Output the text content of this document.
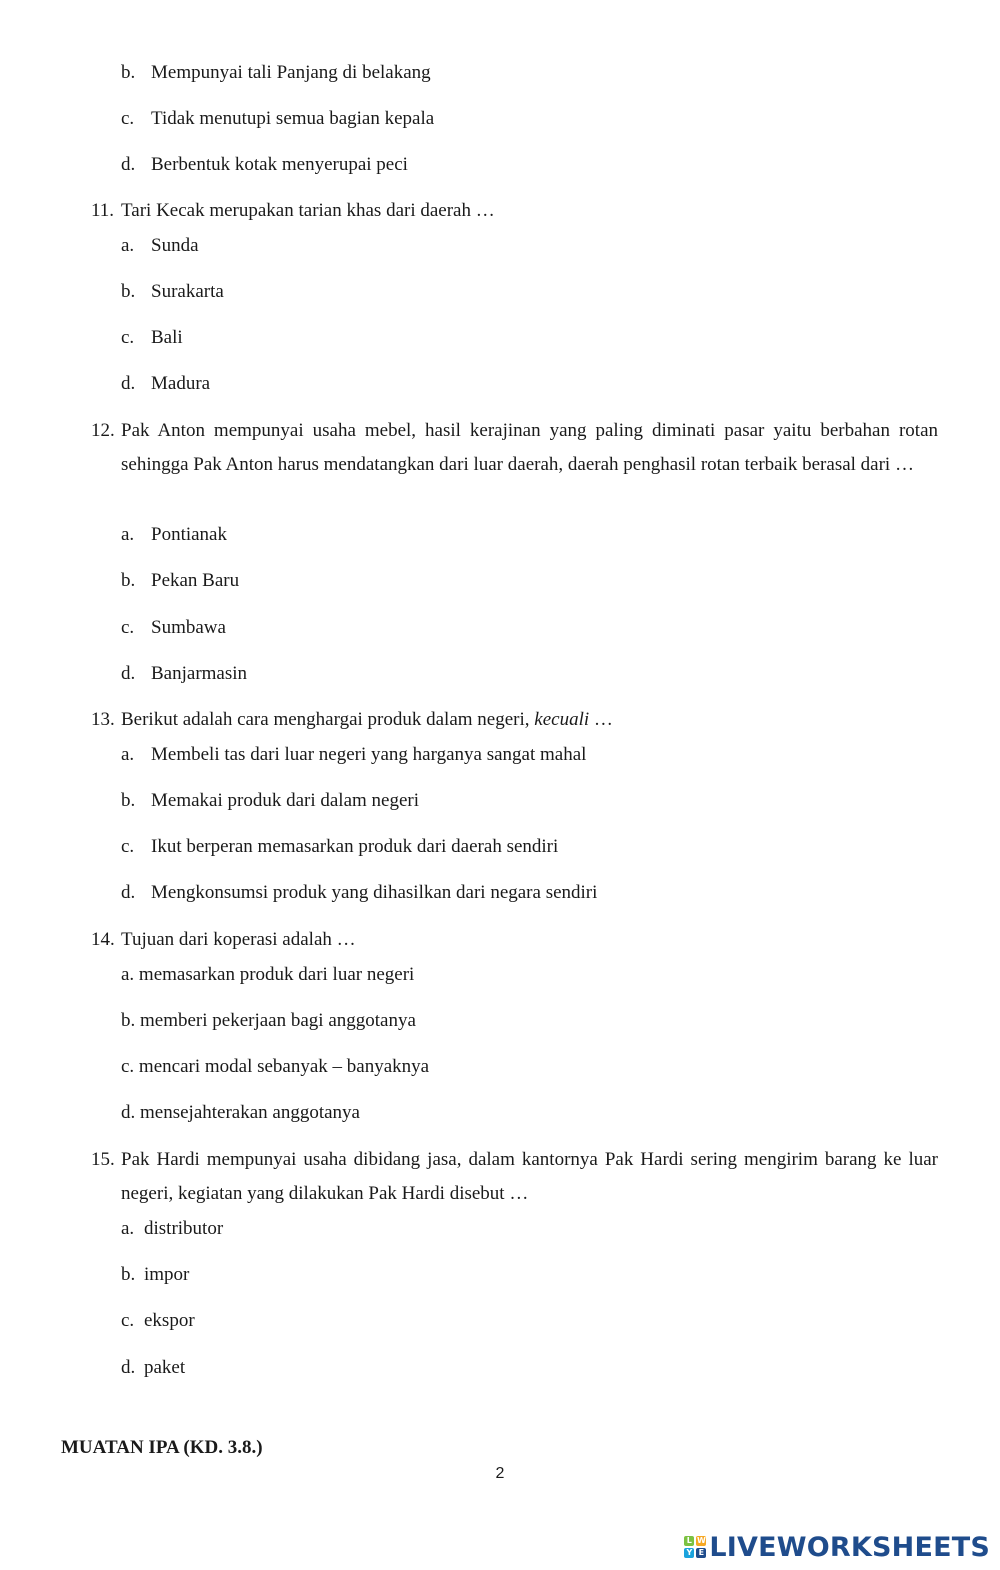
b. Mempunyai tali Panjang di belakang
c. Tidak menutupi semua bagian kepala
d. Berbentuk kotak menyerupai peci
11. Tari Kecak merupakan tarian khas dari daerah …
a. Sunda
b. Surakarta
c. Bali
d. Madura
12. Pak Anton mempunyai usaha mebel, hasil kerajinan yang paling diminati pasar yaitu berbahan rotan sehingga Pak Anton harus mendatangkan dari luar daerah, daerah penghasil rotan terbaik berasal dari …
a. Pontianak
b. Pekan Baru
c. Sumbawa
d. Banjarmasin
13. Berikut adalah cara menghargai produk dalam negeri, kecuali …
a. Membeli tas dari luar negeri yang harganya sangat mahal
b. Memakai produk dari dalam negeri
c. Ikut berperan memasarkan produk dari daerah sendiri
d. Mengkonsumsi produk yang dihasilkan dari negara sendiri
14. Tujuan dari koperasi adalah …
a. memasarkan produk dari luar negeri
b. memberi pekerjaan bagi anggotanya
c. mencari modal sebanyak – banyaknya
d. mensejahterakan anggotanya
15. Pak Hardi mempunyai usaha dibidang jasa, dalam kantornya Pak Hardi sering mengirim barang ke luar negeri, kegiatan yang dilakukan Pak Hardi disebut …
a. distributor
b. impor
c. ekspor
d. paket
MUATAN IPA (KD. 3.8.)
2
L W
Y E LIVEWORKSHEETS
